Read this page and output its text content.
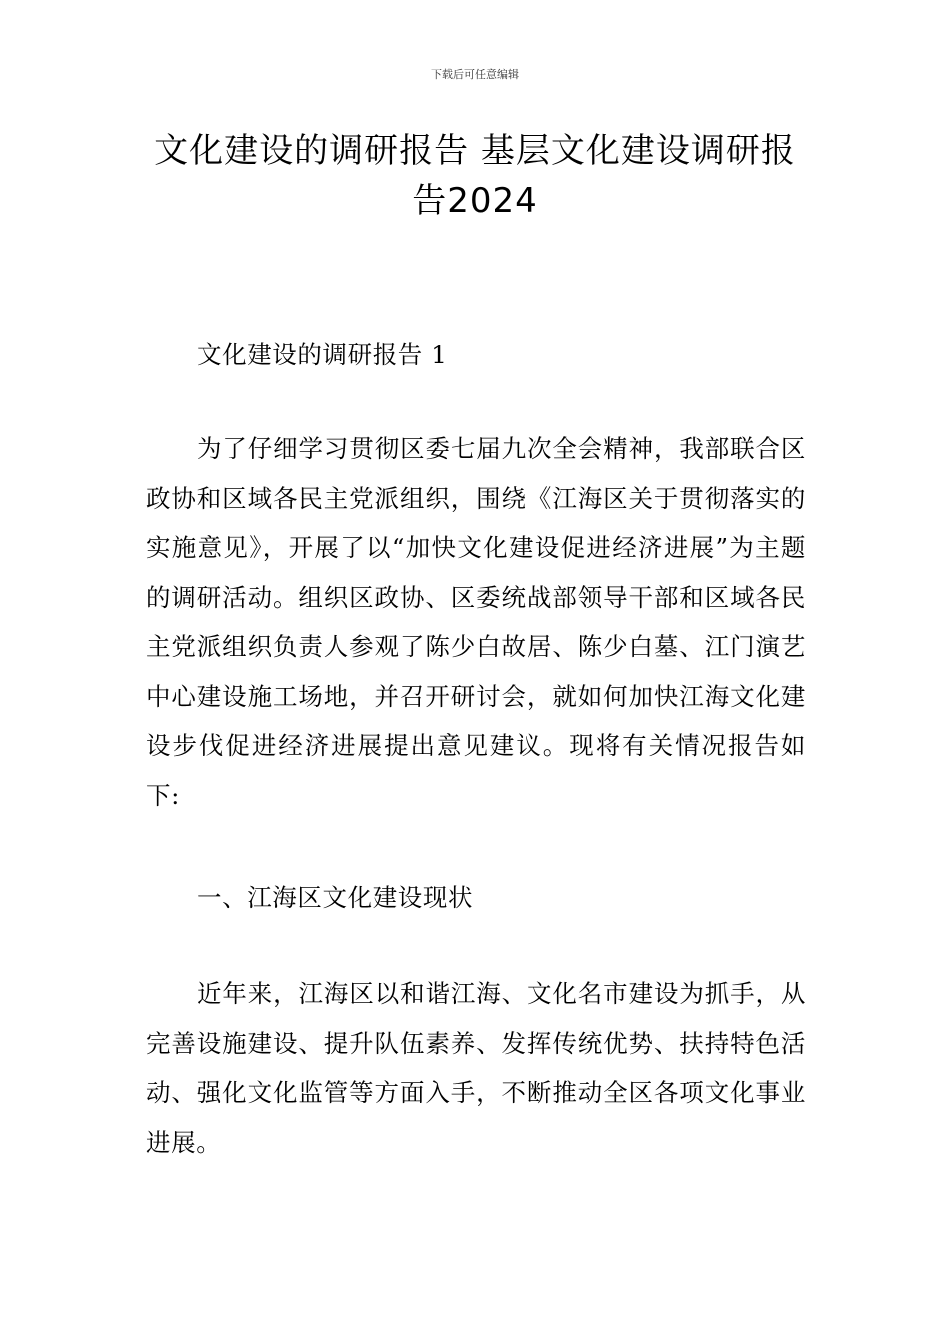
下载后可任意编辑
文化建设的调研报告 基层文化建设调研报告2024

文化建设的调研报告 1

为了仔细学习贯彻区委七届九次全会精神，我部联合区政协和区域各民主党派组织，围绕《江海区关于贯彻落实的实施意见》，开展了以“加快文化建设促进经济进展”为主题的调研活动。组织区政协、区委统战部领导干部和区域各民主党派组织负责人参观了陈少白故居、陈少白墓、江门演艺中心建设施工场地，并召开研讨会，就如何加快江海文化建设步伐促进经济进展提出意见建议。现将有关情况报告如下:

一、江海区文化建设现状

近年来，江海区以和谐江海、文化名市建设为抓手，从完善设施建设、提升队伍素养、发挥传统优势、扶持特色活动、强化文化监管等方面入手，不断推动全区各项文化事业进展。
